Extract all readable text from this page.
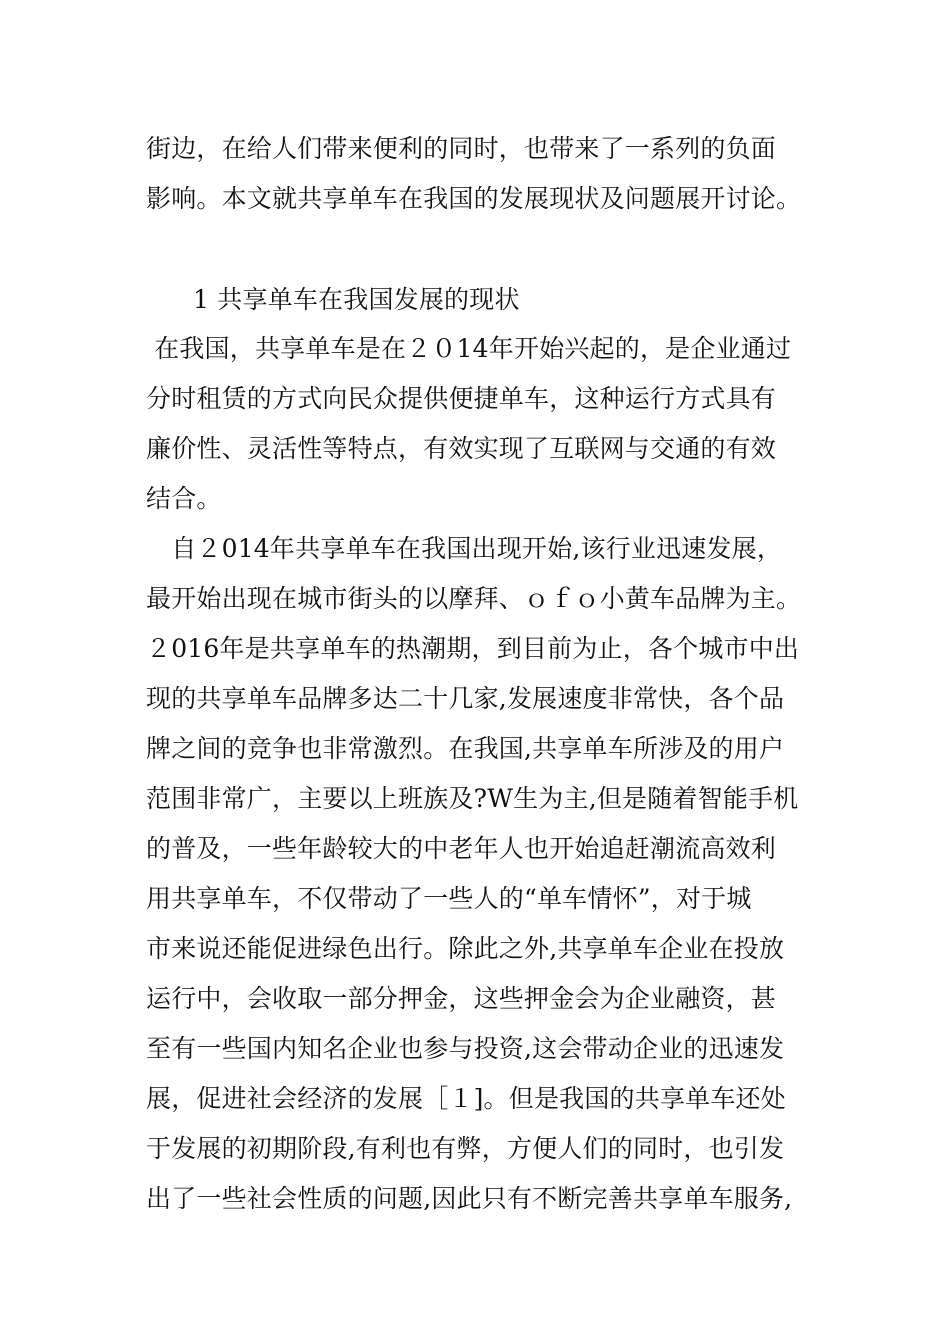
街边，在给人们带来便利的同时，也带来了一系列的负面
影响。本文就共享单车在我国的发展现状及问题展开讨论。
1 共享单车在我国发展的现状
在我国，共享单车是在２０14年开始兴起的，是企业通过
分时租赁的方式向民众提供便捷单车，这种运行方式具有
廉价性、灵活性等特点，有效实现了互联网与交通的有效
结合。
　自２014年共享单车在我国出现开始,该行业迅速发展，
最开始出现在城市街头的以摩拜、ｏｆｏ小黄车品牌为主。
２016年是共享单车的热潮期，到目前为止，各个城市中出
现的共享单车品牌多达二十几家,发展速度非常快，各个品
牌之间的竞争也非常激烈。在我国,共享单车所涉及的用户
范围非常广，主要以上班族及?W生为主,但是随着智能手机
的普及，一些年龄较大的中老年人也开始追赶潮流高效利
用共享单车，不仅带动了一些人的“单车情怀”，对于城
市来说还能促进绿色出行。除此之外,共享单车企业在投放
运行中，会收取一部分押金，这些押金会为企业融资，甚
至有一些国内知名企业也参与投资,这会带动企业的迅速发
展，促进社会经济的发展［１]。但是我国的共享单车还处
于发展的初期阶段,有利也有弊，方便人们的同时，也引发
出了一些社会性质的问题,因此只有不断完善共享单车服务,
